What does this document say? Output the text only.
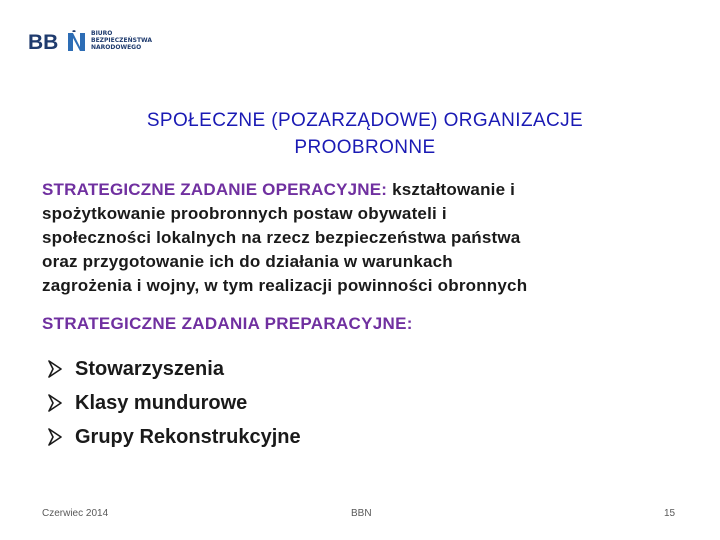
BB	BIURO
BEZPIECZEŃSTWA
NARODOWEGO
SPOŁECZNE (POZARZĄDOWE) ORGANIZACJE
PROOBRONNE
STRATEGICZNE ZADANIE OPERACYJNE: kształtowanie i
spożytkowanie proobronnych postaw obywateli i
społeczności lokalnych na rzecz bezpieczeństwa państwa
oraz przygotowanie ich do działania w warunkach
zagrożenia i wojny, w tym realizacji powinności obronnych
STRATEGICZNE ZADANIA PREPARACYJNE:
Stowarzyszenia
Klasy mundurowe
Grupy Rekonstrukcyjne
Czerwiec 2014	BBN	15
